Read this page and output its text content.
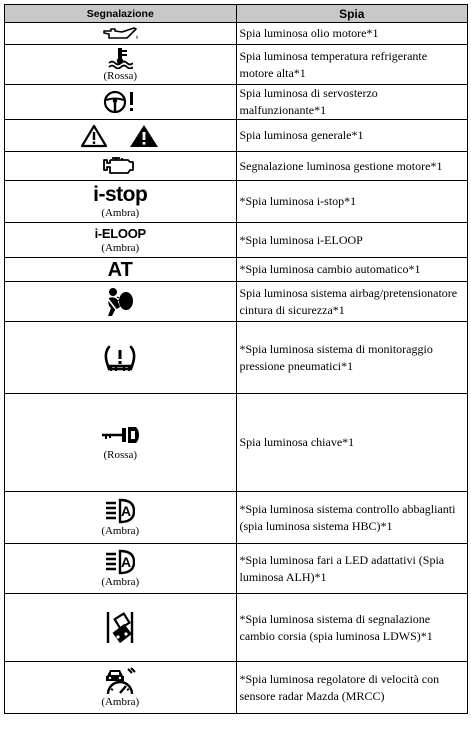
Segnalazione	Spia

	Spia luminosa olio motore*1

(Rossa)	Spia luminosa temperatura refrigerante motore alta*1

	Spia luminosa di servosterzo malfunzionante*1

	Spia luminosa generale*1

	Segnalazione luminosa gestione motore*1

i-stop
(Ambra)	*Spia luminosa i-stop*1

i-ELOOP
(Ambra)	*Spia luminosa i-ELOOP

AT	*Spia luminosa cambio automatico*1

	Spia luminosa sistema airbag/pretensionatore cintura di sicurezza*1

	*Spia luminosa sistema di monitoraggio pressione pneumatici*1

(Rossa)	Spia luminosa chiave*1

A
(Ambra)	*Spia luminosa sistema controllo abbaglianti (spia luminosa sistema HBC)*1

A
(Ambra)	*Spia luminosa fari a LED adattativi (Spia luminosa ALH)*1

	*Spia luminosa sistema di segnalazione cambio corsia (spia luminosa LDWS)*1

(Ambra)	*Spia luminosa regolatore di velocità con sensore radar Mazda (MRCC)
